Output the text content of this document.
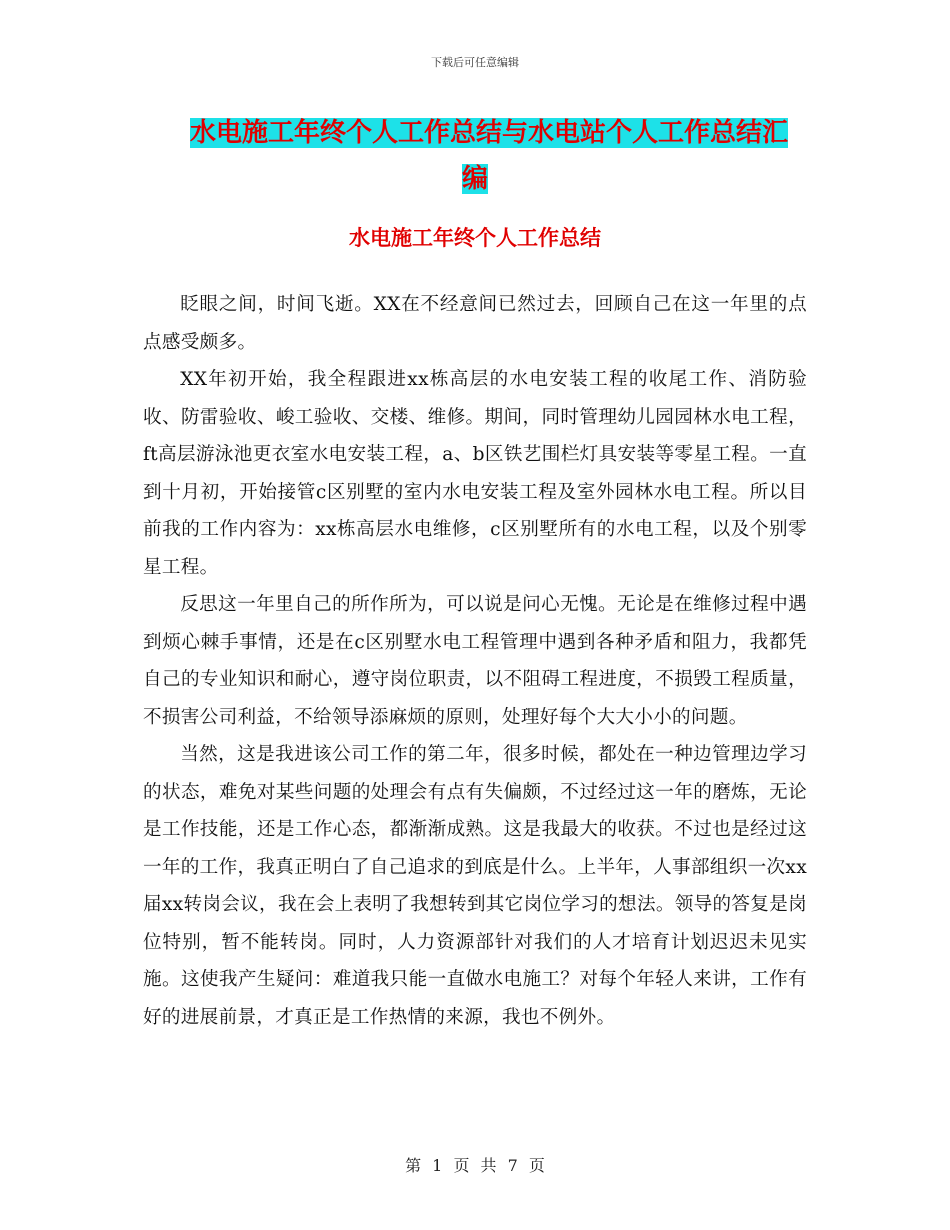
下载后可任意编辑
水电施工年终个人工作总结与水电站个人工作总结汇
编
水电施工年终个人工作总结

眨眼之间，时间飞逝。XX在不经意间已然过去，回顾自己在这一年里的点点感受颇多。

XX年初开始，我全程跟进xx栋高层的水电安装工程的收尾工作、消防验收、防雷验收、峻工验收、交楼、维修。期间，同时管理幼儿园园林水电工程，ft高层游泳池更衣室水电安装工程，a、b区铁艺围栏灯具安装等零星工程。一直到十月初，开始接管c区别墅的室内水电安装工程及室外园林水电工程。所以目前我的工作内容为：xx栋高层水电维修，c区别墅所有的水电工程，以及个别零星工程。

反思这一年里自己的所作所为，可以说是问心无愧。无论是在维修过程中遇到烦心棘手事情，还是在c区别墅水电工程管理中遇到各种矛盾和阻力，我都凭自己的专业知识和耐心，遵守岗位职责，以不阻碍工程进度，不损毁工程质量，不损害公司利益，不给领导添麻烦的原则，处理好每个大大小小的问题。

当然，这是我进该公司工作的第二年，很多时候，都处在一种边管理边学习的状态，难免对某些问题的处理会有点有失偏颇，不过经过这一年的磨炼，无论是工作技能，还是工作心态，都渐渐成熟。这是我最大的收获。不过也是经过这一年的工作，我真正明白了自己追求的到底是什么。上半年，人事部组织一次xx届xx转岗会议，我在会上表明了我想转到其它岗位学习的想法。领导的答复是岗位特别，暂不能转岗。同时，人力资源部针对我们的人才培育计划迟迟未见实施。这使我产生疑问：难道我只能一直做水电施工？对每个年轻人来讲，工作有好的进展前景，才真正是工作热情的来源，我也不例外。

第 1 页 共 7 页
